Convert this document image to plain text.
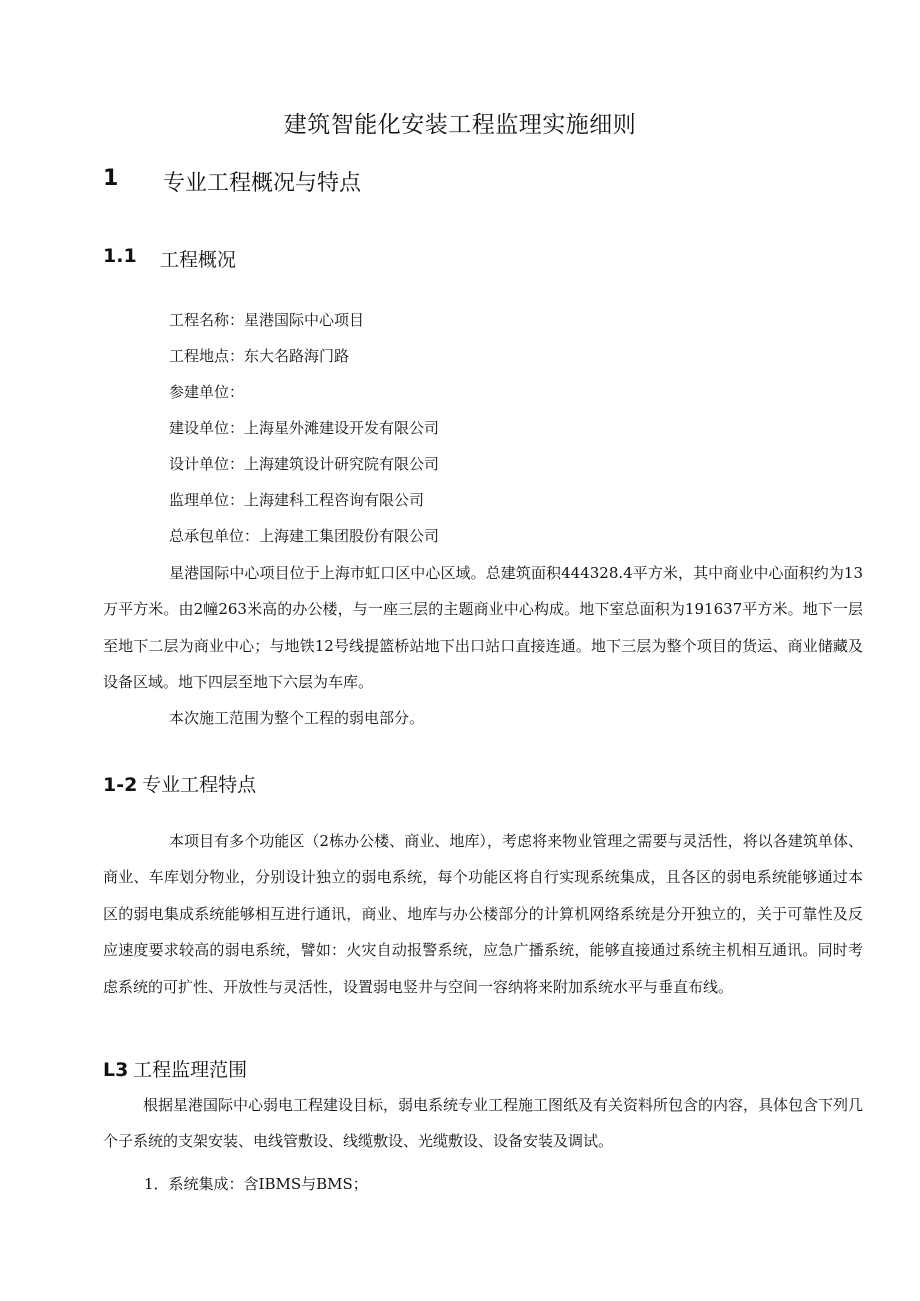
建筑智能化安装工程监理实施细则
1 专业工程概况与特点
1.1 工程概况
工程名称：星港国际中心项目
工程地点：东大名路海门路
参建单位：
建设单位：上海星外滩建设开发有限公司
设计单位：上海建筑设计研究院有限公司
监理单位：上海建科工程咨询有限公司
总承包单位：上海建工集团股份有限公司

星港国际中心项目位于上海市虹口区中心区域。总建筑面积444328.4平方米，其中商业中心面积约为13万平方米。由2幢263米高的办公楼，与一座三层的主题商业中心构成。地下室总面积为191637平方米。地下一层至地下二层为商业中心；与地铁12号线提篮桥站地下出口站口直接连通。地下三层为整个项目的货运、商业储藏及设备区域。地下四层至地下六层为车库。

本次施工范围为整个工程的弱电部分。

1-2 专业工程特点

本项目有多个功能区（2栋办公楼、商业、地库），考虑将来物业管理之需要与灵活性，将以各建筑单体、商业、车库划分物业，分别设计独立的弱电系统，每个功能区将自行实现系统集成，且各区的弱电系统能够通过本区的弱电集成系统能够相互进行通讯，商业、地库与办公楼部分的计算机网络系统是分开独立的，关于可靠性及反应速度要求较高的弱电系统，譬如：火灾自动报警系统，应急广播系统，能够直接通过系统主机相互通讯。同时考虑系统的可扩性、开放性与灵活性，设置弱电竖井与空间一容纳将来附加系统水平与垂直布线。

L3 工程监理范围

根据星港国际中心弱电工程建设目标，弱电系统专业工程施工图纸及有关资料所包含的内容，具体包含下列几个子系统的支架安装、电线管敷设、线缆敷设、光缆敷设、设备安装及调试。

1．系统集成：含IBMS与BMS；
